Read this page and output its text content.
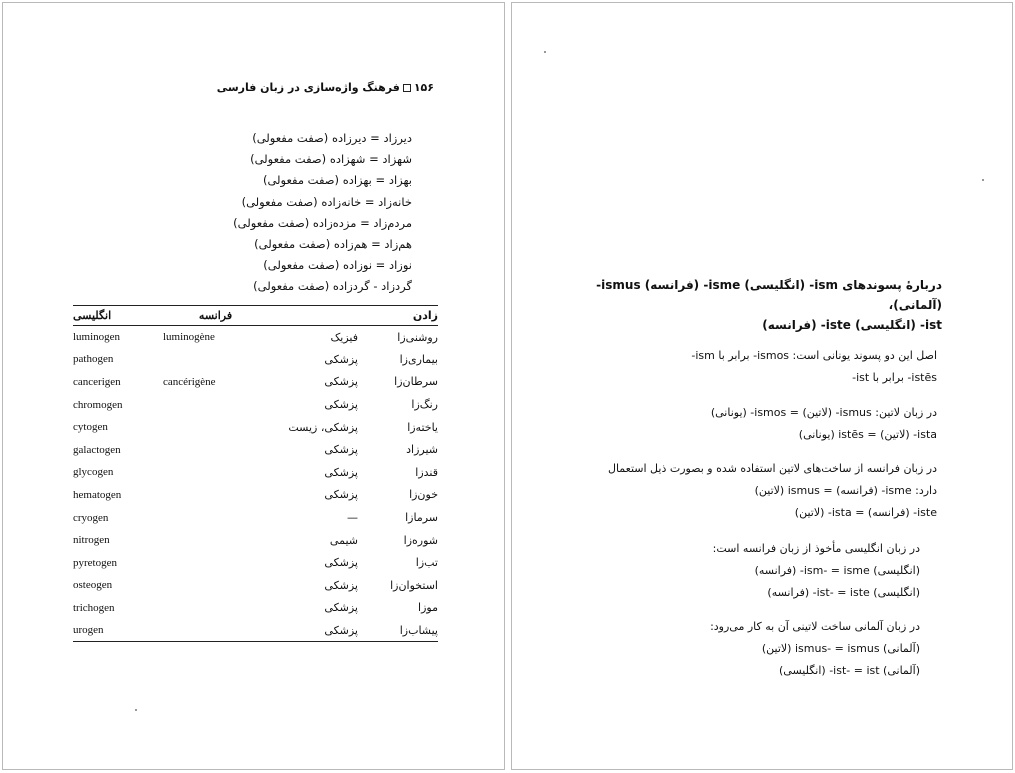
۱۵۶فرهنگ واژه‌سازی در زبان فارسی
دیرزاد = دیرزاده (صفت مفعولی)
شهزاد = شهزاده (صفت مفعولی)
بهزاد = بهزاده (صفت مفعولی)
خانه‌زاد = خانه‌زاده (صفت مفعولی)
مردم‌زاد = مزده‌زاده (صفت مفعولی)
هم‌زاد = هم‌زاده (صفت مفعولی)
نوزاد = نوزاده (صفت مفعولی)
گردزاد - گردزاده (صفت مفعولی)
انگلیسی	فرانسه		زادن
luminogen	luminogène	فیزیک	روشنی‌زا
pathogen		پزشکی	بیماری‌زا
cancerigen	cancérigène	پزشکی	سرطان‌زا
chromogen		پزشکی	رنگ‌زا
cytogen		پزشکی، زیست	یاخته‌زا
galactogen		پزشکی	شیرزاد
glycogen		پزشکی	قندزا
hematogen		پزشکی	خون‌زا
cryogen		—	سرمازا
nitrogen		شیمی	شوره‌زا
pyretogen		پزشکی	تب‌زا
osteogen		پزشکی	استخوان‌زا
trichogen		پزشکی	موزا
urogen		پزشکی	پیشاب‌زا
دربارهٔ پسوندهای ism- (انگلیسی) isme- (فرانسه) ismus- (آلمانی)،
ist- (انگلیسی) iste- (فرانسه)
اصل این دو پسوند یونانی است: ismos- برابر با ism-
istēs- برابر با ist-
در زبان لاتین: ismus- (لاتین) = ismos- (یونانی)
ista- (لاتین) = istēs (یونانی)
در زبان فرانسه از ساخت‌های لاتین استفاده شده و بصورت ذیل استعمال
دارد: isme- (فرانسه) = ismus (لاتین)
iste- (فرانسه) = ista- (لاتین)
در زبان انگلیسی مأخوذ از زبان فرانسه است:
(انگلیسی) ism- = isme- (فرانسه)
(انگلیسی) ist- = iste- (فرانسه)
در زبان آلمانی ساخت لاتینی آن به کار می‌رود:
(آلمانی) ismus- = ismus (لاتین)
(آلمانی) ist- = ist- (انگلیسی)
